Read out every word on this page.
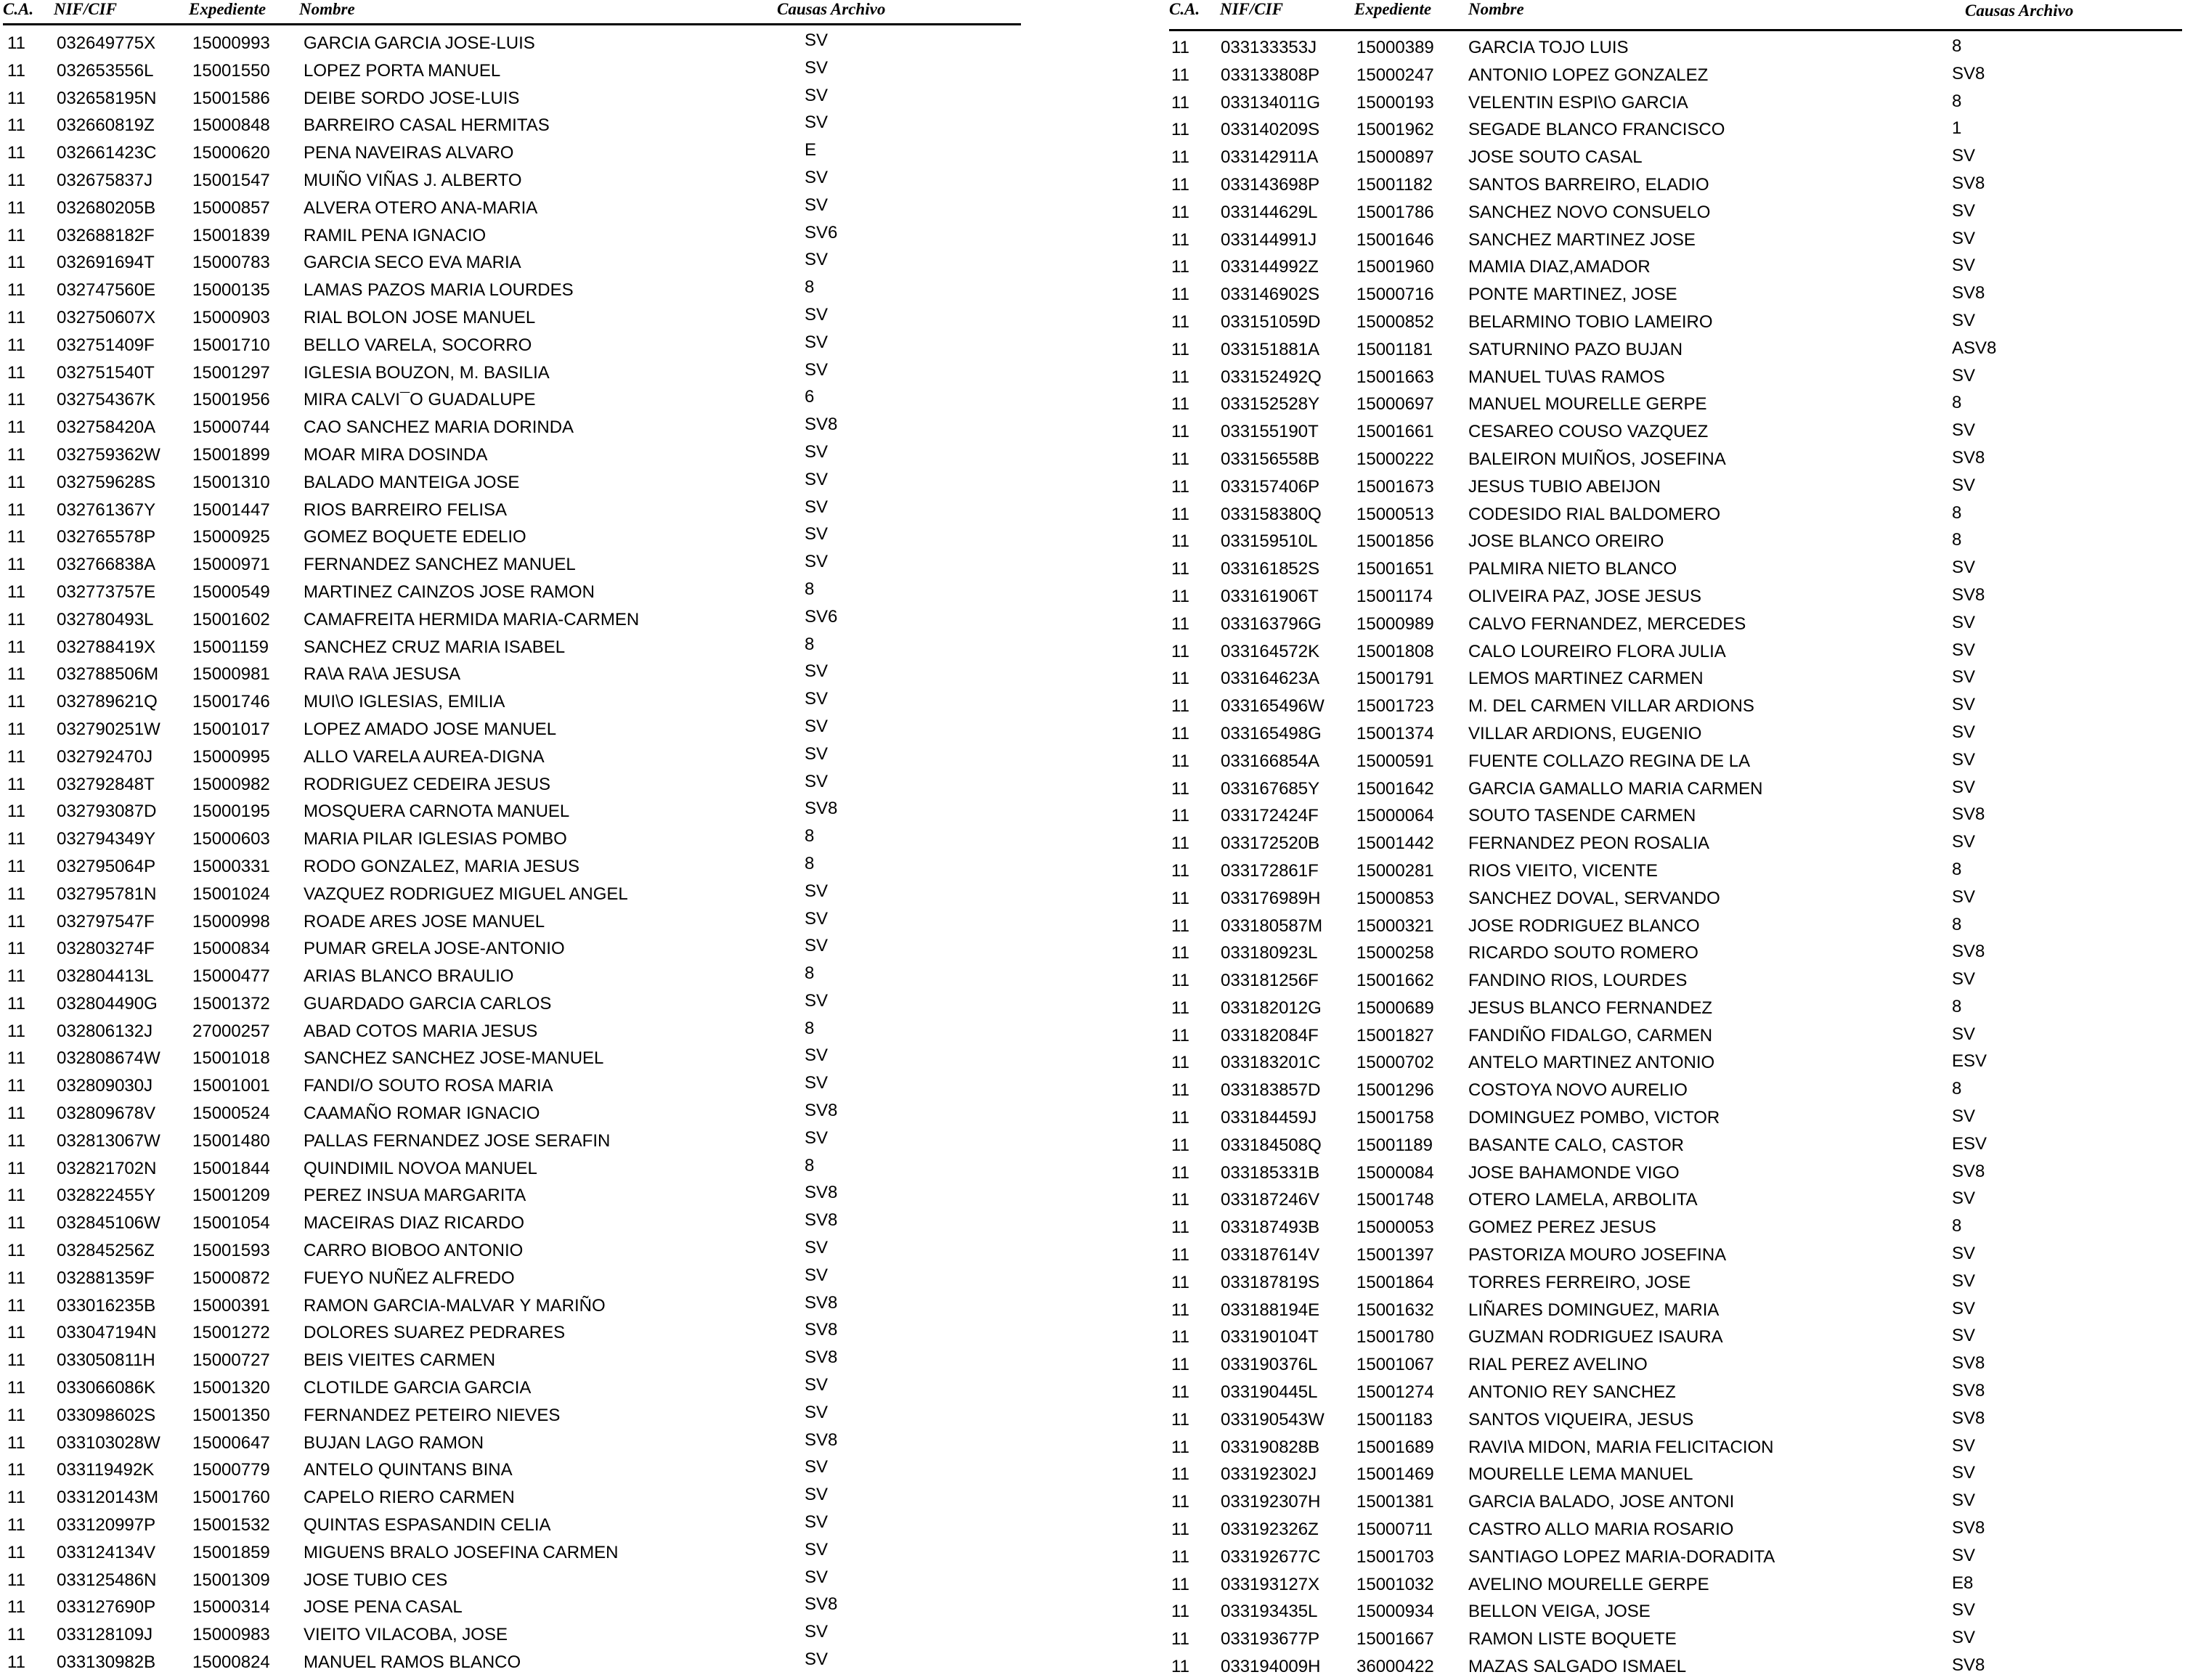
C.A. NIF/CIF	Expediente Nombre	Causas Archivo
11 032649775X 15000993 GARCIA GARCIA JOSE-LUIS	SV
11 032653556L 15001550 LOPEZ PORTA MANUEL	SV
11 032658195N 15001586 DEIBE SORDO JOSE-LUIS	SV
11 032660819Z 15000848 BARREIRO CASAL HERMITAS	SV
11 032661423C 15000620 PENA NAVEIRAS ALVARO	E
11 032675837J 15001547 MUIÑO VIÑAS J. ALBERTO	SV
11 032680205B 15000857 ALVERA OTERO ANA-MARIA	SV
11 032688182F 15001839 RAMIL PENA IGNACIO	SV6
11 032691694T 15000783 GARCIA SECO EVA MARIA	SV
11 032747560E 15000135 LAMAS PAZOS MARIA LOURDES	8
11 032750607X 15000903 RIAL BOLON JOSE MANUEL	SV
11 032751409F 15001710 BELLO VARELA, SOCORRO	SV
11 032751540T 15001297 IGLESIA BOUZON, M. BASILIA	SV
11 032754367K 15001956 MIRA CALVI¯O GUADALUPE	6
11 032758420A 15000744 CAO SANCHEZ MARIA DORINDA	SV8
11 032759362W 15001899 MOAR MIRA DOSINDA	SV
11 032759628S 15001310 BALADO MANTEIGA JOSE	SV
11 032761367Y 15001447 RIOS BARREIRO FELISA	SV
11 032765578P 15000925 GOMEZ BOQUETE EDELIO	SV
11 032766838A 15000971 FERNANDEZ SANCHEZ MANUEL	SV
11 032773757E 15000549 MARTINEZ CAINZOS JOSE RAMON	8
11 032780493L 15001602 CAMAFREITA HERMIDA MARIA-CARMEN	SV6
11 032788419X 15001159 SANCHEZ CRUZ MARIA ISABEL	8
11 032788506M 15000981 RA\A RA\A JESUSA	SV
11 032789621Q 15001746 MUI\O IGLESIAS, EMILIA	SV
11 032790251W 15001017 LOPEZ AMADO JOSE MANUEL	SV
11 032792470J 15000995 ALLO VARELA AUREA-DIGNA	SV
11 032792848T 15000982 RODRIGUEZ CEDEIRA JESUS	SV
11 032793087D 15000195 MOSQUERA CARNOTA MANUEL	SV8
11 032794349Y 15000603 MARIA PILAR IGLESIAS POMBO	8
11 032795064P 15000331 RODO GONZALEZ, MARIA JESUS	8
11 032795781N 15001024 VAZQUEZ RODRIGUEZ MIGUEL ANGEL	SV
11 032797547F 15000998 ROADE ARES JOSE MANUEL	SV
11 032803274F 15000834 PUMAR GRELA JOSE-ANTONIO	SV
11 032804413L 15000477 ARIAS BLANCO BRAULIO	8
11 032804490G 15001372 GUARDADO GARCIA CARLOS	SV
11 032806132J 27000257 ABAD COTOS MARIA JESUS	8
11 032808674W 15001018 SANCHEZ SANCHEZ JOSE-MANUEL	SV
11 032809030J 15001001 FANDI/O SOUTO ROSA MARIA	SV
11 032809678V 15000524 CAAMAÑO ROMAR IGNACIO	SV8
11 032813067W 15001480 PALLAS FERNANDEZ JOSE SERAFIN	SV
11 032821702N 15001844 QUINDIMIL NOVOA MANUEL	8
11 032822455Y 15001209 PEREZ INSUA MARGARITA	SV8
11 032845106W 15001054 MACEIRAS DIAZ RICARDO	SV8
11 032845256Z 15001593 CARRO BIOBOO ANTONIO	SV
11 032881359F 15000872 FUEYO NUÑEZ ALFREDO	SV
11 033016235B 15000391 RAMON GARCIA-MALVAR Y MARIÑO	SV8
11 033047194N 15001272 DOLORES SUAREZ PEDRARES	SV8
11 033050811H 15000727 BEIS VIEITES CARMEN	SV8
11 033066086K 15001320 CLOTILDE GARCIA GARCIA	SV
11 033098602S 15001350 FERNANDEZ PETEIRO NIEVES	SV
11 033103028W 15000647 BUJAN LAGO RAMON	SV8
11 033119492K 15000779 ANTELO QUINTANS BINA	SV
11 033120143M 15001760 CAPELO RIERO CARMEN	SV
11 033120997P 15001532 QUINTAS ESPASANDIN CELIA	SV
11 033124134V 15001859 MIGUENS BRALO JOSEFINA CARMEN	SV
11 033125486N 15001309 JOSE TUBIO CES	SV
11 033127690P 15000314 JOSE PENA CASAL	SV8
11 033128109J 15000983 VIEITO VILACOBA, JOSE	SV
11 033130982B 15000824 MANUEL RAMOS BLANCO	SV
C.A. NIF/CIF	Expediente Nombre	Causas Archivo
11 033133353J 15000389 GARCIA TOJO LUIS	8
11 033133808P 15000247 ANTONIO LOPEZ GONZALEZ	SV8
11 033134011G 15000193 VELENTIN ESPI\O GARCIA	8
11 033140209S 15001962 SEGADE BLANCO FRANCISCO	1
11 033142911A 15000897 JOSE SOUTO CASAL	SV
11 033143698P 15001182 SANTOS BARREIRO, ELADIO	SV8
11 033144629L 15001786 SANCHEZ NOVO CONSUELO	SV
11 033144991J 15001646 SANCHEZ MARTINEZ JOSE	SV
11 033144992Z 15001960 MAMIA DIAZ,AMADOR	SV
11 033146902S 15000716 PONTE MARTINEZ, JOSE	SV8
11 033151059D 15000852 BELARMINO TOBIO LAMEIRO	SV
11 033151881A 15001181 SATURNINO PAZO BUJAN	ASV8
11 033152492Q 15001663 MANUEL TU\AS RAMOS	SV
11 033152528Y 15000697 MANUEL MOURELLE GERPE	8
11 033155190T 15001661 CESAREO COUSO VAZQUEZ	SV
11 033156558B 15000222 BALEIRON MUIÑOS, JOSEFINA	SV8
11 033157406P 15001673 JESUS TUBIO ABEIJON	SV
11 033158380Q 15000513 CODESIDO RIAL BALDOMERO	8
11 033159510L 15001856 JOSE BLANCO OREIRO	8
11 033161852S 15001651 PALMIRA NIETO BLANCO	SV
11 033161906T 15001174 OLIVEIRA PAZ, JOSE JESUS	SV8
11 033163796G 15000989 CALVO FERNANDEZ, MERCEDES	SV
11 033164572K 15001808 CALO LOUREIRO FLORA JULIA	SV
11 033164623A 15001791 LEMOS MARTINEZ CARMEN	SV
11 033165496W 15001723 M. DEL CARMEN VILLAR ARDIONS	SV
11 033165498G 15001374 VILLAR ARDIONS, EUGENIO	SV
11 033166854A 15000591 FUENTE COLLAZO REGINA DE LA	SV
11 033167685Y 15001642 GARCIA GAMALLO MARIA CARMEN	SV
11 033172424F 15000064 SOUTO TASENDE CARMEN	SV8
11 033172520B 15001442 FERNANDEZ PEON ROSALIA	SV
11 033172861F 15000281 RIOS VIEITO, VICENTE	8
11 033176989H 15000853 SANCHEZ DOVAL, SERVANDO	SV
11 033180587M 15000321 JOSE RODRIGUEZ BLANCO	8
11 033180923L 15000258 RICARDO SOUTO ROMERO	SV8
11 033181256F 15001662 FANDINO RIOS, LOURDES	SV
11 033182012G 15000689 JESUS BLANCO FERNANDEZ	8
11 033182084F 15001827 FANDIÑO FIDALGO, CARMEN	SV
11 033183201C 15000702 ANTELO MARTINEZ ANTONIO	ESV
11 033183857D 15001296 COSTOYA NOVO AURELIO	8
11 033184459J 15001758 DOMINGUEZ POMBO, VICTOR	SV
11 033184508Q 15001189 BASANTE CALO, CASTOR	ESV
11 033185331B 15000084 JOSE BAHAMONDE VIGO	SV8
11 033187246V 15001748 OTERO LAMELA, ARBOLITA	SV
11 033187493B 15000053 GOMEZ PEREZ JESUS	8
11 033187614V 15001397 PASTORIZA MOURO JOSEFINA	SV
11 033187819S 15001864 TORRES FERREIRO, JOSE	SV
11 033188194E 15001632 LIÑARES DOMINGUEZ, MARIA	SV
11 033190104T 15001780 GUZMAN RODRIGUEZ ISAURA	SV
11 033190376L 15001067 RIAL PEREZ AVELINO	SV8
11 033190445L 15001274 ANTONIO REY SANCHEZ	SV8
11 033190543W 15001183 SANTOS VIQUEIRA, JESUS	SV8
11 033190828B 15001689 RAVI\A MIDON, MARIA FELICITACION	SV
11 033192302J 15001469 MOURELLE LEMA MANUEL	SV
11 033192307H 15001381 GARCIA BALADO, JOSE ANTONI	SV
11 033192326Z 15000711 CASTRO ALLO MARIA ROSARIO	SV8
11 033192677C 15001703 SANTIAGO LOPEZ MARIA-DORADITA	SV
11 033193127X 15001032 AVELINO MOURELLE GERPE	E8
11 033193435L 15000934 BELLON VEIGA, JOSE	SV
11 033193677P 15001667 RAMON LISTE BOQUETE	SV
11 033194009H 36000422 MAZAS SALGADO ISMAEL	SV8
